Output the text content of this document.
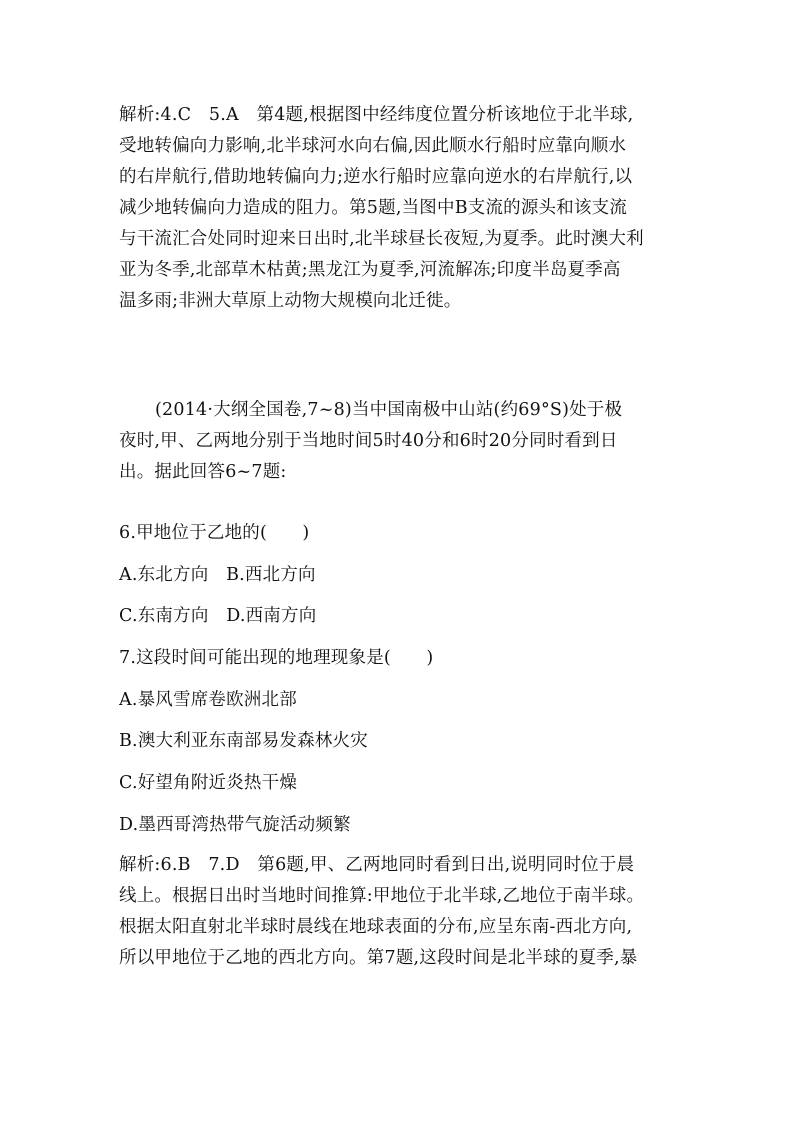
解析:4.C　5.A　第4题,根据图中经纬度位置分析该地位于北半球,
受地转偏向力影响,北半球河水向右偏,因此顺水行船时应靠向顺水
的右岸航行,借助地转偏向力;逆水行船时应靠向逆水的右岸航行,以
减少地转偏向力造成的阻力。第5题,当图中B支流的源头和该支流
与干流汇合处同时迎来日出时,北半球昼长夜短,为夏季。此时澳大利
亚为冬季,北部草木枯黄;黑龙江为夏季,河流解冻;印度半岛夏季高
温多雨;非洲大草原上动物大规模向北迁徙。
(2014·大纲全国卷,7~8)当中国南极中山站(约69°S)处于极
夜时,甲、乙两地分别于当地时间5时40分和6时20分同时看到日
出。据此回答6~7题:
6.甲地位于乙地的(　　)
A.东北方向　B.西北方向
C.东南方向　D.西南方向
7.这段时间可能出现的地理现象是(　　)
A.暴风雪席卷欧洲北部
B.澳大利亚东南部易发森林火灾
C.好望角附近炎热干燥
D.墨西哥湾热带气旋活动频繁
解析:6.B　7.D　第6题,甲、乙两地同时看到日出,说明同时位于晨
线上。根据日出时当地时间推算:甲地位于北半球,乙地位于南半球。
根据太阳直射北半球时晨线在地球表面的分布,应呈东南-西北方向,
所以甲地位于乙地的西北方向。第7题,这段时间是北半球的夏季,暴
